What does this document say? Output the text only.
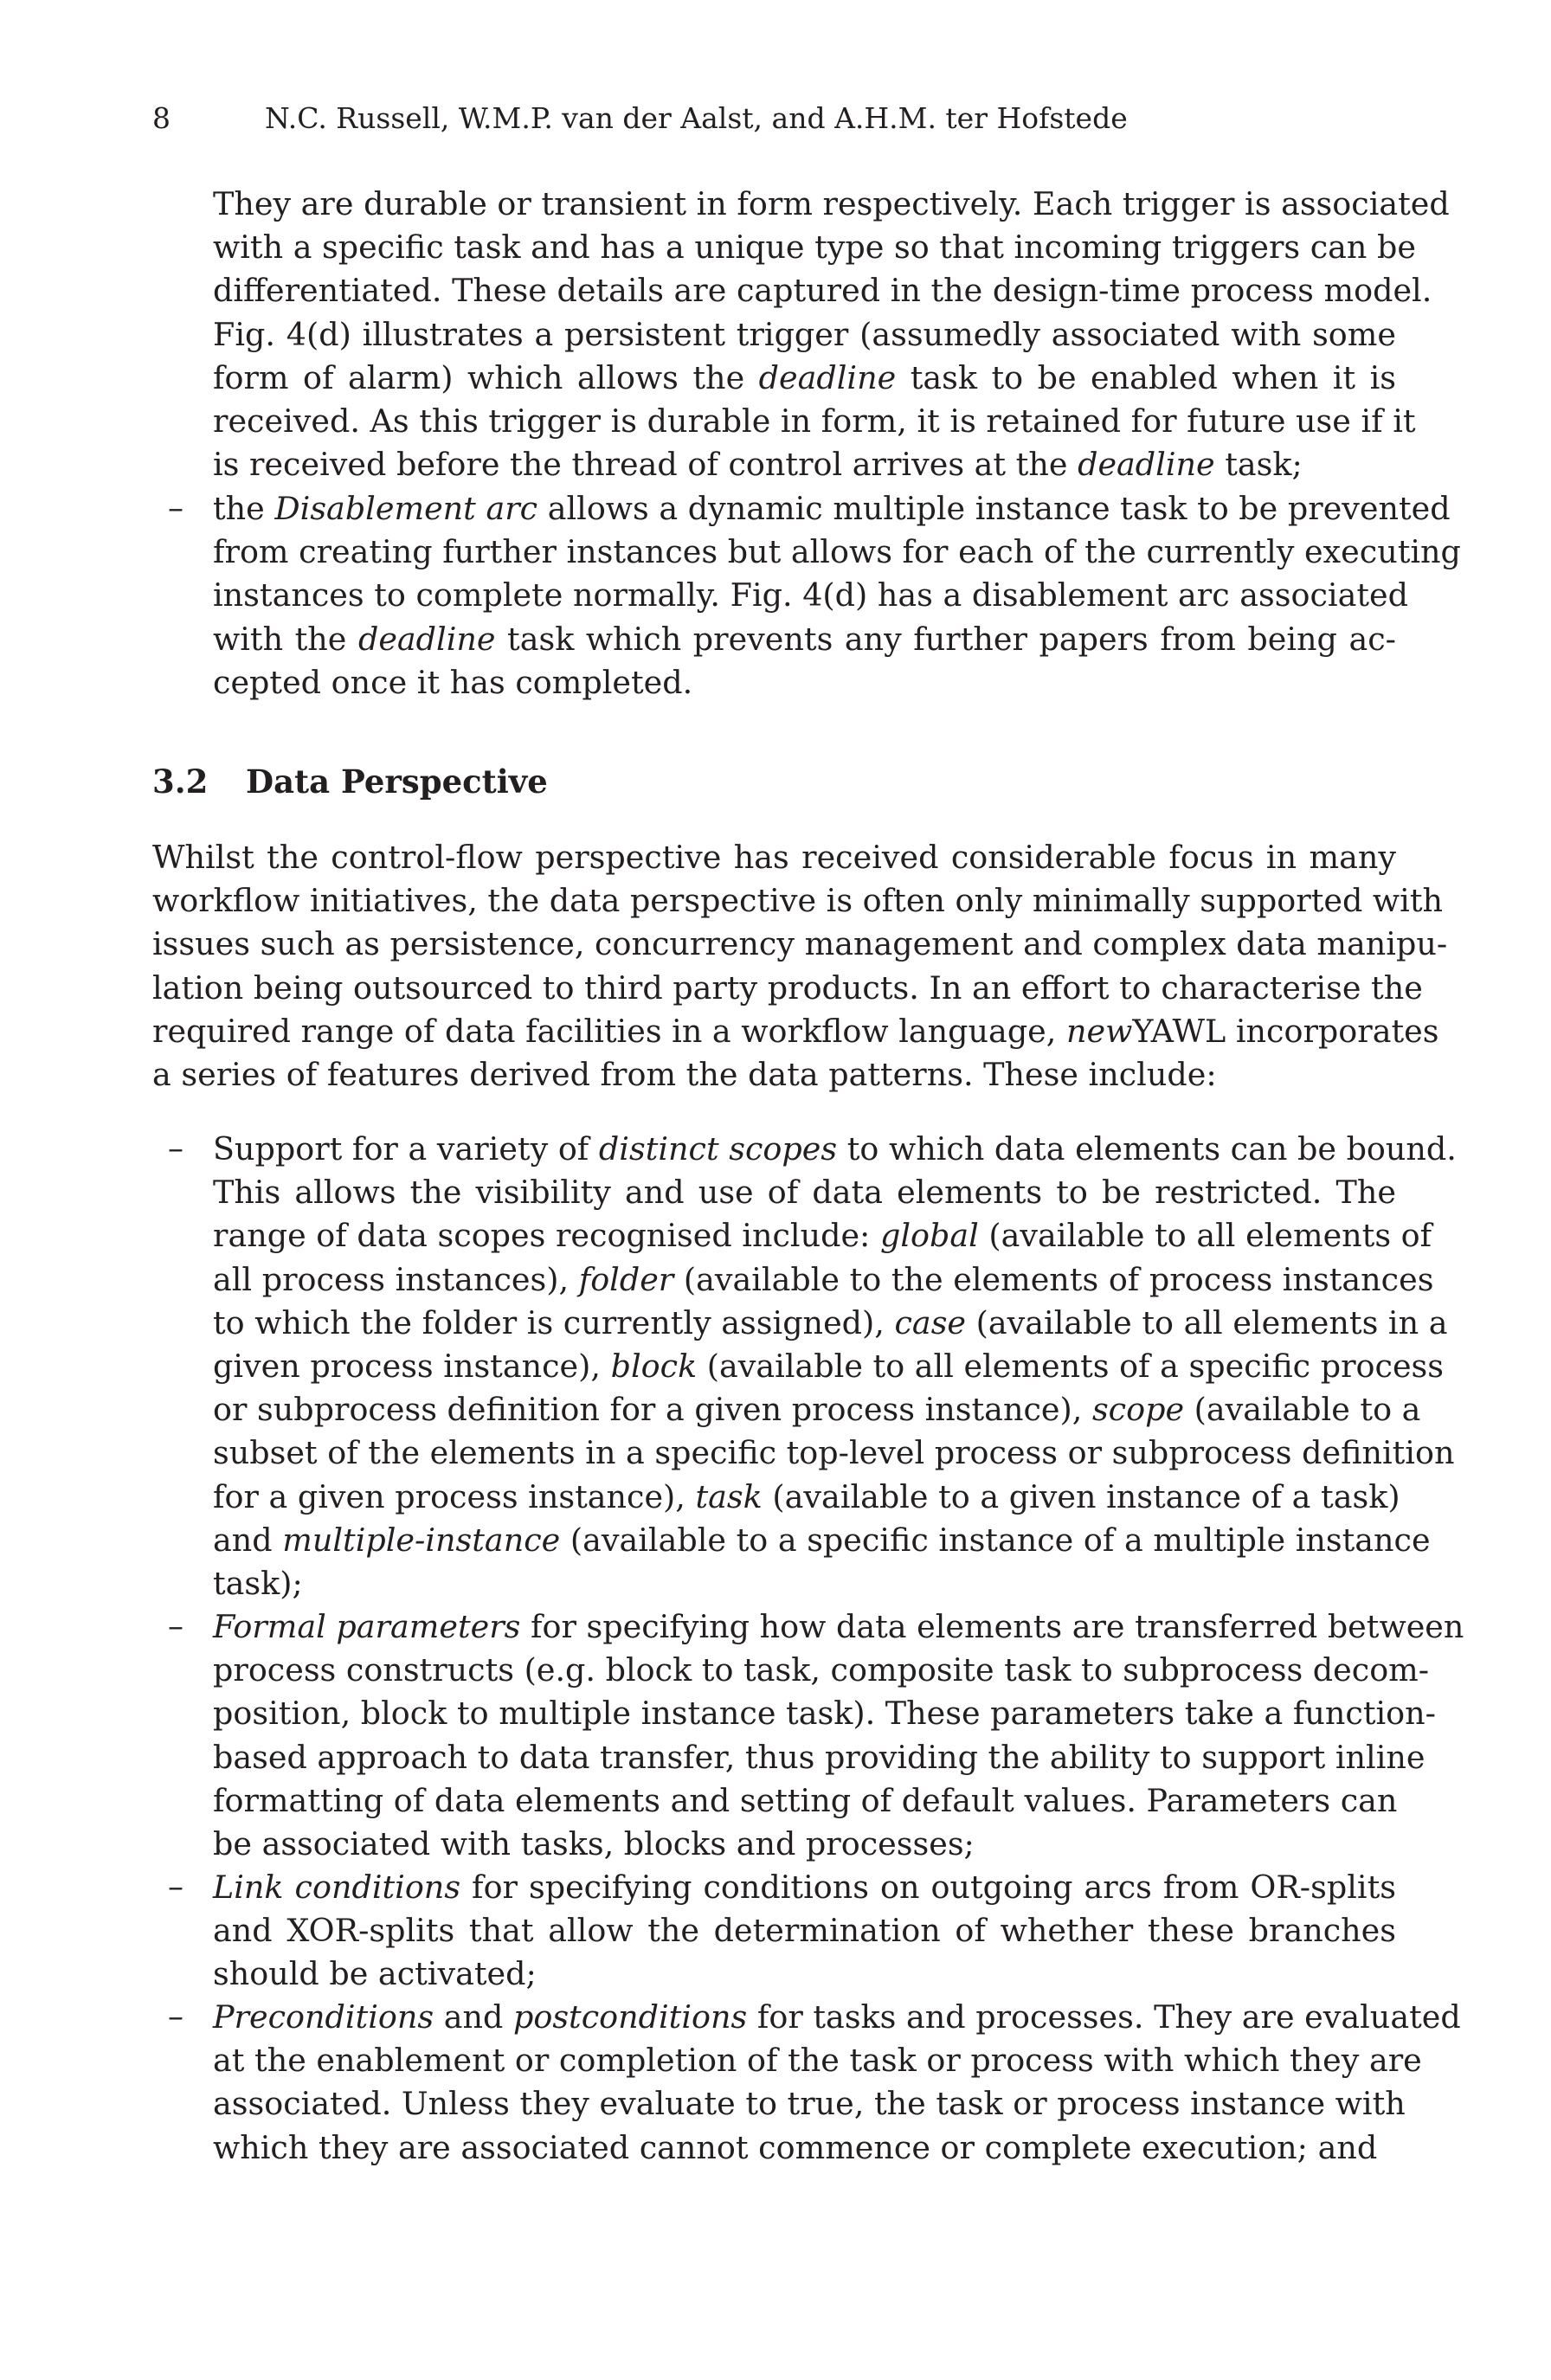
8	N.C. Russell, W.M.P. van der Aalst, and A.H.M. ter Hofstede
They are durable or transient in form respectively. Each trigger is associated
with a specific task and has a unique type so that incoming triggers can be
differentiated. These details are captured in the design-time process model.
Fig. 4(d) illustrates a persistent trigger (assumedly associated with some
form of alarm) which allows the deadline task to be enabled when it is
received. As this trigger is durable in form, it is retained for future use if it
is received before the thread of control arrives at the deadline task;
– the Disablement arc allows a dynamic multiple instance task to be prevented
from creating further instances but allows for each of the currently executing
instances to complete normally. Fig. 4(d) has a disablement arc associated
with the deadline task which prevents any further papers from being ac-
cepted once it has completed.
3.2 Data Perspective
Whilst the control-flow perspective has received considerable focus in many
workflow initiatives, the data perspective is often only minimally supported with
issues such as persistence, concurrency management and complex data manipu-
lation being outsourced to third party products. In an effort to characterise the
required range of data facilities in a workflow language, newYAWL incorporates
a series of features derived from the data patterns. These include:
– Support for a variety of distinct scopes to which data elements can be bound.
This allows the visibility and use of data elements to be restricted. The
range of data scopes recognised include: global (available to all elements of
all process instances), folder (available to the elements of process instances
to which the folder is currently assigned), case (available to all elements in a
given process instance), block (available to all elements of a specific process
or subprocess definition for a given process instance), scope (available to a
subset of the elements in a specific top-level process or subprocess definition
for a given process instance), task (available to a given instance of a task)
and multiple-instance (available to a specific instance of a multiple instance
task);
– Formal parameters for specifying how data elements are transferred between
process constructs (e.g. block to task, composite task to subprocess decom-
position, block to multiple instance task). These parameters take a function-
based approach to data transfer, thus providing the ability to support inline
formatting of data elements and setting of default values. Parameters can
be associated with tasks, blocks and processes;
– Link conditions for specifying conditions on outgoing arcs from OR-splits
and XOR-splits that allow the determination of whether these branches
should be activated;
– Preconditions and postconditions for tasks and processes. They are evaluated
at the enablement or completion of the task or process with which they are
associated. Unless they evaluate to true, the task or process instance with
which they are associated cannot commence or complete execution; and
